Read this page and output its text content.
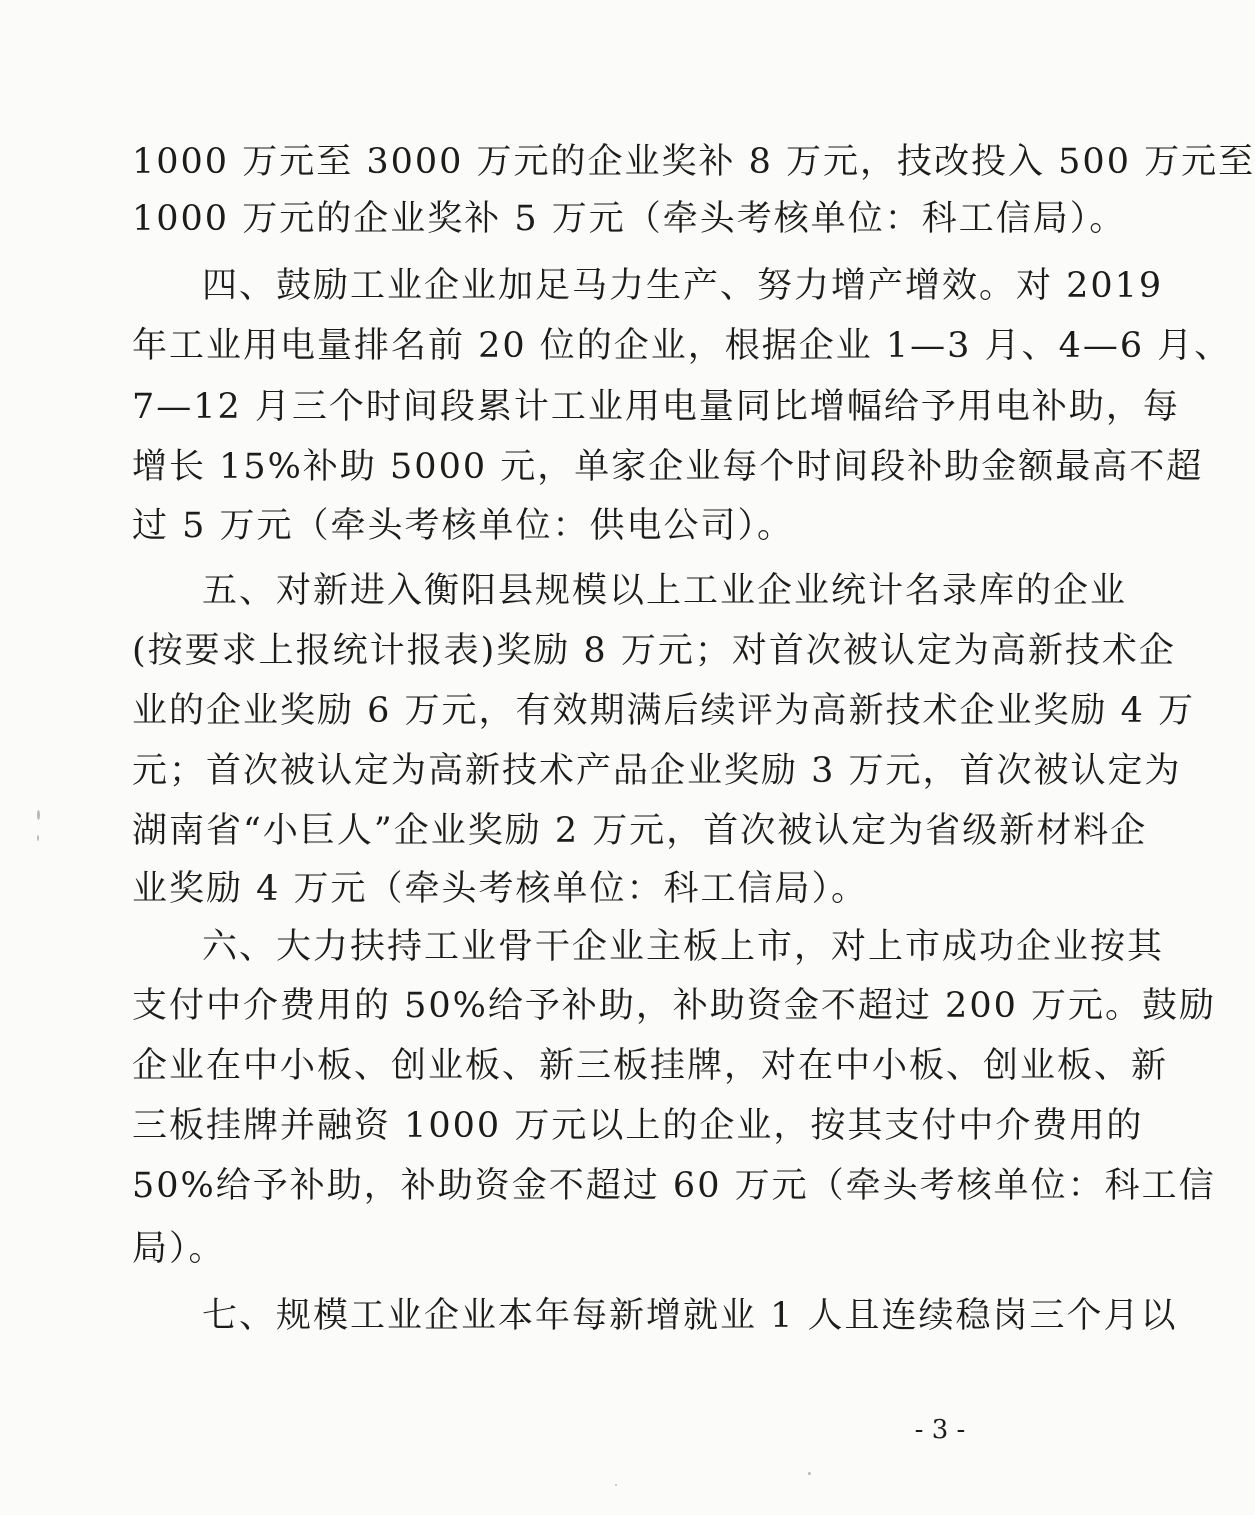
1000 万元至 3000 万元的企业奖补 8 万元，技改投入 500 万元至
1000 万元的企业奖补 5 万元（牵头考核单位：科工信局）。
四、鼓励工业企业加足马力生产、努力增产增效。对 2019
年工业用电量排名前 20 位的企业，根据企业 1—3 月、4—6 月、
7—12 月三个时间段累计工业用电量同比增幅给予用电补助，每
增长 15%补助 5000 元，单家企业每个时间段补助金额最高不超
过 5 万元（牵头考核单位：供电公司）。
五、对新进入衡阳县规模以上工业企业统计名录库的企业
(按要求上报统计报表)奖励 8 万元；对首次被认定为高新技术企
业的企业奖励 6 万元，有效期满后续评为高新技术企业奖励 4 万
元；首次被认定为高新技术产品企业奖励 3 万元，首次被认定为
湖南省“小巨人”企业奖励 2 万元，首次被认定为省级新材料企
业奖励 4 万元（牵头考核单位：科工信局）。
六、大力扶持工业骨干企业主板上市，对上市成功企业按其
支付中介费用的 50%给予补助，补助资金不超过 200 万元。鼓励
企业在中小板、创业板、新三板挂牌，对在中小板、创业板、新
三板挂牌并融资 1000 万元以上的企业，按其支付中介费用的
50%给予补助，补助资金不超过 60 万元（牵头考核单位：科工信
局）。
七、规模工业企业本年每新增就业 1 人且连续稳岗三个月以
- 3 -
